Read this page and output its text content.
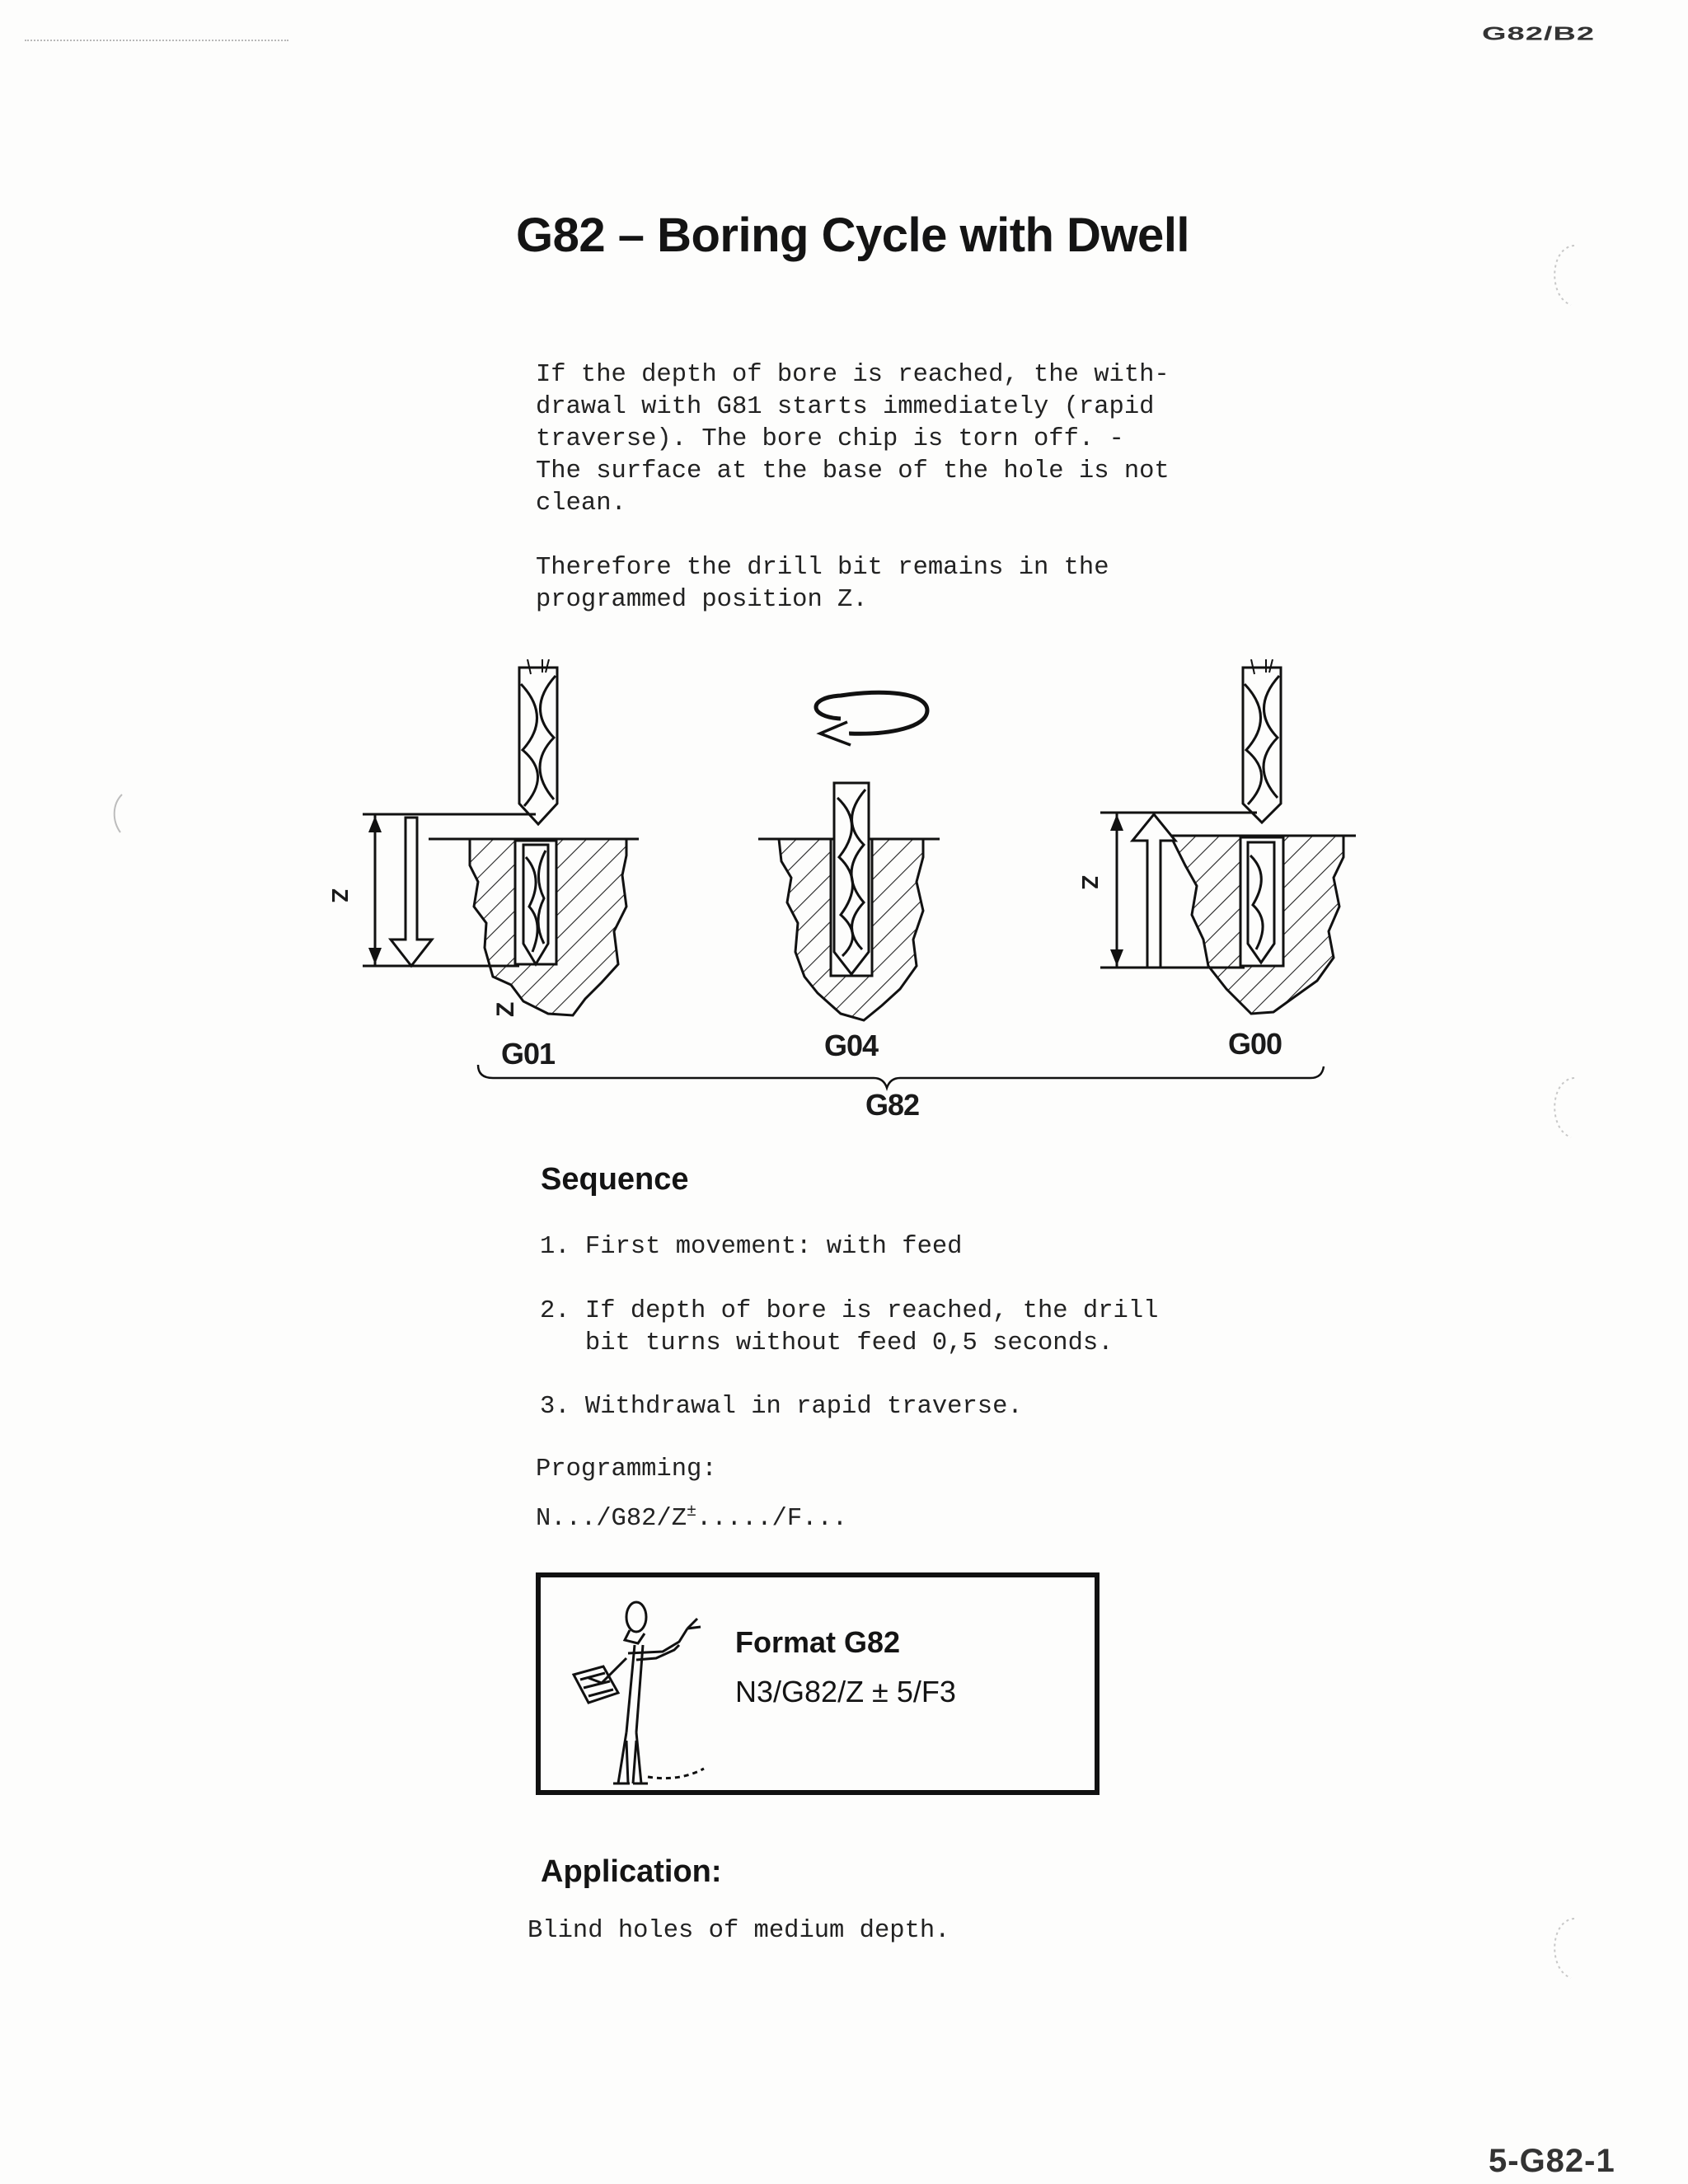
G82/B2
G82 – Boring Cycle with Dwell
If the depth of bore is reached, the with-
drawal with G81 starts immediately (rapid
traverse). The bore chip is torn off. -
The surface at the base of the hole is not
clean.
Therefore the drill bit remains in the
programmed position Z.
Z
G01	G04	G00
G82
Z
Z
Sequence
1. First movement: with feed
2. If depth of bore is reached, the drill
bit turns without feed 0,5 seconds.
3. Withdrawal in rapid traverse.
Programming:
N.../G82/Z±...../F...
Format G82
N3/G82/Z ± 5/F3
Application:
Blind holes of medium depth.
5-G82-1
